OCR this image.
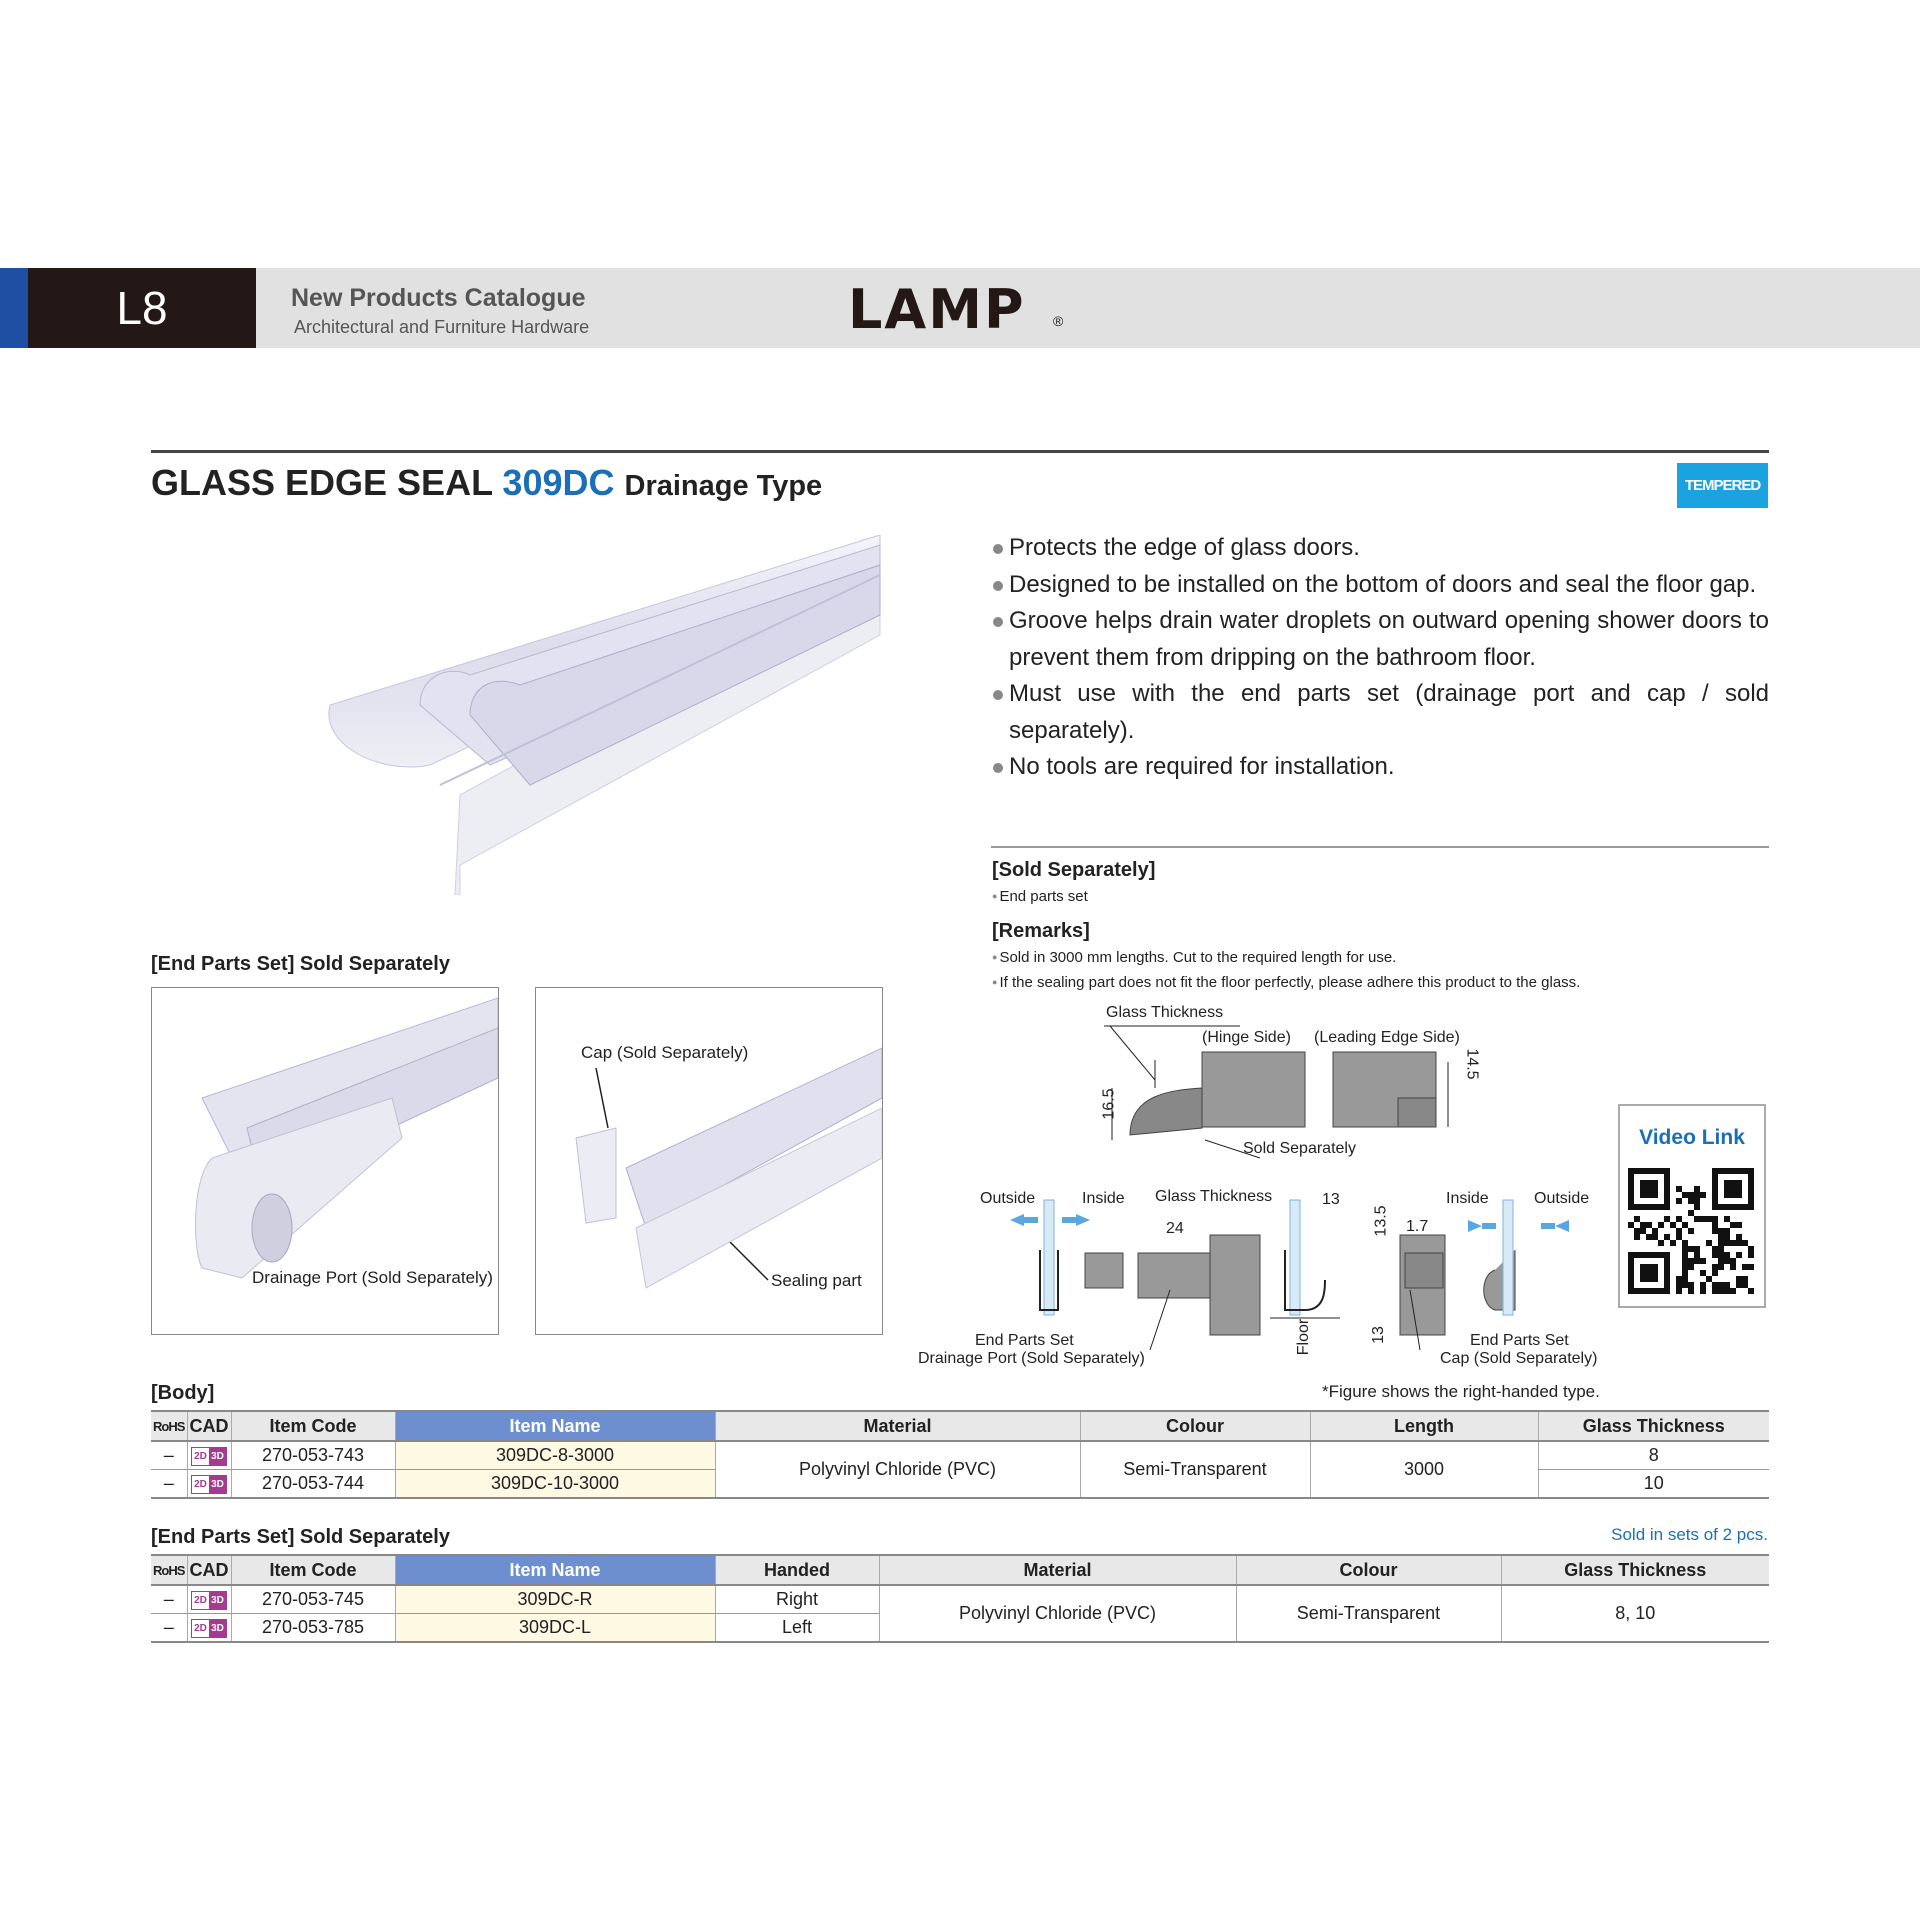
L8	New Products Catalogue
Architectural and Furniture Hardware	LAMP ®
GLASS EDGE SEAL 309DC Drainage Type	TEMPERED GLASS
Protects the edge of glass doors.
Designed to be installed on the bottom of doors and seal the floor gap.
Groove helps drain water droplets on outward opening shower doors to prevent them from dripping on the bathroom floor.
Must use with the end parts set (drainage port and cap / sold separately).
No tools are required for installation.
[Sold Separately]
● End parts set
[Remarks]
● Sold in 3000 mm lengths. Cut to the required length for use.
● If the sealing part does not fit the floor perfectly, please adhere this product to the glass.
[End Parts Set] Sold Separately
Drainage Port (Sold Separately)
Cap (Sold Separately)
Sealing part
Glass Thickness
(Hinge Side) (Leading Edge Side)
16.5
14.5
Sold Separately
Outside	Inside Glass Thickness	13
13.5
24	1.7
Inside	Outside
Floor	13
End Parts Set
Drainage Port (Sold Separately)
End Parts Set
Cap (Sold Separately)
*Figure shows the right-handed type.
Video Link
[Body]
RoHS	CAD	Item Code	Item Name	Material	Colour	Length	Glass Thickness
–	2D 3D	270-053-743	309DC-8-3000	Polyvinyl Chloride (PVC)	Semi-Transparent	3000	8
–	2D 3D	270-053-744	309DC-10-3000				10
[End Parts Set] Sold Separately	Sold in sets of 2 pcs.
RoHS	CAD	Item Code	Item Name	Handed	Material	Colour	Glass Thickness
–	2D 3D	270-053-745	309DC-R	Right	Polyvinyl Chloride (PVC)	Semi-Transparent	8, 10
–	2D 3D	270-053-785	309DC-L	Left			
